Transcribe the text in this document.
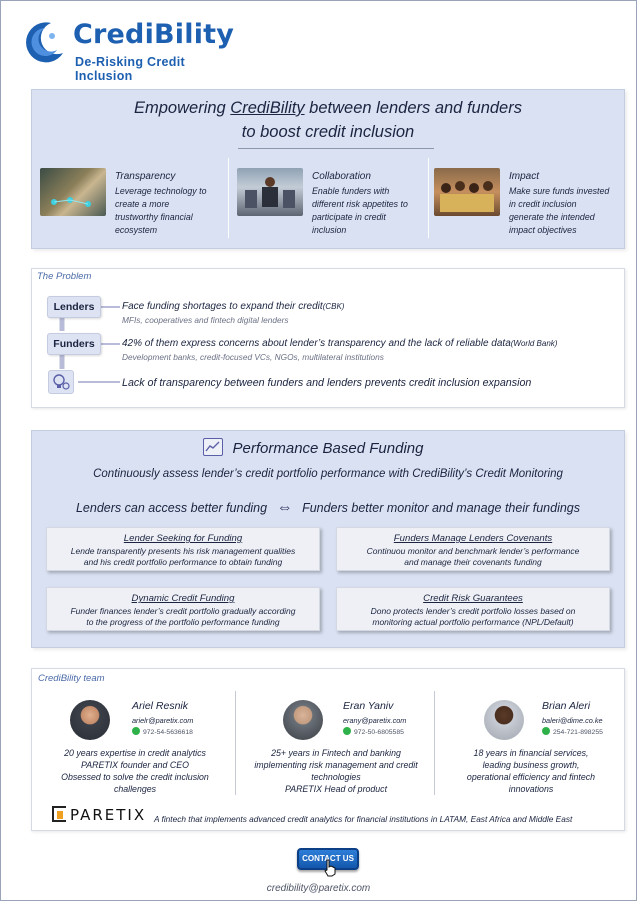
CrediBility
De-Risking Credit Inclusion
Empowering CrediBility between lenders and funders
to boost credit inclusion
Transparency
Leverage technology to
create a more
trustworthy financial
ecosystem
Collaboration
Enable funders with
different risk appetites to
participate in credit
inclusion
Impact
Make sure funds invested
in credit inclusion
generate the intended
impact objectives
The Problem
Lenders	Face funding shortages to expand their credit(CBK)
MFIs, cooperatives and fintech digital lenders
Funders	42% of them express concerns about lender’s transparency and the lack of reliable data(World Bank)
Development banks, credit-focused VCs, NGOs, multilateral institutions
Lack of transparency between funders and lenders prevents credit inclusion expansion
Performance Based Funding
Continuously assess lender’s credit portfolio performance with CrediBility’s Credit Monitoring
Lenders can access better funding ⇔ Funders better monitor and manage their fundings
Lender Seeking for Funding
Lende transparently presents his risk management qualities
and his credit portfolio performance to obtain funding
Funders Manage Lenders Covenants
Continuou monitor and benchmark lender’s performance
and manage their covenants funding
Dynamic Credit Funding
Funder finances lender’s credit portfolio gradually according
to the progress of the portfolio performance funding
Credit Risk Guarantees
Dono protects lender’s credit portfolio losses based on
monitoring actual portfolio performance (NPL/Default)
CrediBility team
Ariel Resnik
arielr@paretix.com
972-54-5636618
20 years expertise in credit analytics
PARETIX founder and CEO
Obsessed to solve the credit inclusion
challenges
Eran Yaniv
erany@paretix.com
972-50-6805585
25+ years in Fintech and banking
implementing risk management and credit
technologies
PARETIX Head of product
Brian Aleri
baleri@dime.co.ke
254-721-898255
18 years in financial services,
leading business growth,
operational efficiency and fintech
innovations
PARETIX A fintech that implements advanced credit analytics for financial institutions in LATAM, East Africa and Middle East
CONTACT US
credibility@paretix.com
